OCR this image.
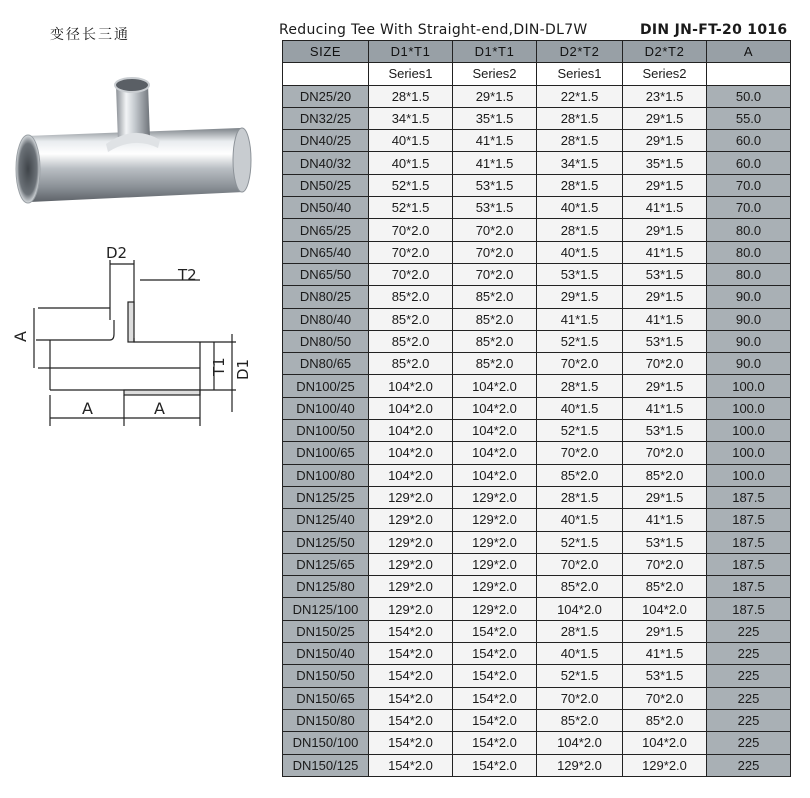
变径长三通
D2
T2
A
A	A
T1 D1
Reducing Tee With Straight-end,DIN-DL7W	DIN JN-FT-20 1016
SIZE	D1*T1	D1*T1	D2*T2	D2*T2	A
	Series1	Series2	Series1	Series2	
DN25/20	28*1.5	29*1.5	22*1.5	23*1.5	50.0
DN32/25	34*1.5	35*1.5	28*1.5	29*1.5	55.0
DN40/25	40*1.5	41*1.5	28*1.5	29*1.5	60.0
DN40/32	40*1.5	41*1.5	34*1.5	35*1.5	60.0
DN50/25	52*1.5	53*1.5	28*1.5	29*1.5	70.0
DN50/40	52*1.5	53*1.5	40*1.5	41*1.5	70.0
DN65/25	70*2.0	70*2.0	28*1.5	29*1.5	80.0
DN65/40	70*2.0	70*2.0	40*1.5	41*1.5	80.0
DN65/50	70*2.0	70*2.0	53*1.5	53*1.5	80.0
DN80/25	85*2.0	85*2.0	29*1.5	29*1.5	90.0
DN80/40	85*2.0	85*2.0	41*1.5	41*1.5	90.0
DN80/50	85*2.0	85*2.0	52*1.5	53*1.5	90.0
DN80/65	85*2.0	85*2.0	70*2.0	70*2.0	90.0
DN100/25	104*2.0	104*2.0	28*1.5	29*1.5	100.0
DN100/40	104*2.0	104*2.0	40*1.5	41*1.5	100.0
DN100/50	104*2.0	104*2.0	52*1.5	53*1.5	100.0
DN100/65	104*2.0	104*2.0	70*2.0	70*2.0	100.0
DN100/80	104*2.0	104*2.0	85*2.0	85*2.0	100.0
DN125/25	129*2.0	129*2.0	28*1.5	29*1.5	187.5
DN125/40	129*2.0	129*2.0	40*1.5	41*1.5	187.5
DN125/50	129*2.0	129*2.0	52*1.5	53*1.5	187.5
DN125/65	129*2.0	129*2.0	70*2.0	70*2.0	187.5
DN125/80	129*2.0	129*2.0	85*2.0	85*2.0	187.5
DN125/100	129*2.0	129*2.0	104*2.0	104*2.0	187.5
DN150/25	154*2.0	154*2.0	28*1.5	29*1.5	225
DN150/40	154*2.0	154*2.0	40*1.5	41*1.5	225
DN150/50	154*2.0	154*2.0	52*1.5	53*1.5	225
DN150/65	154*2.0	154*2.0	70*2.0	70*2.0	225
DN150/80	154*2.0	154*2.0	85*2.0	85*2.0	225
DN150/100	154*2.0	154*2.0	104*2.0	104*2.0	225
DN150/125	154*2.0	154*2.0	129*2.0	129*2.0	225
